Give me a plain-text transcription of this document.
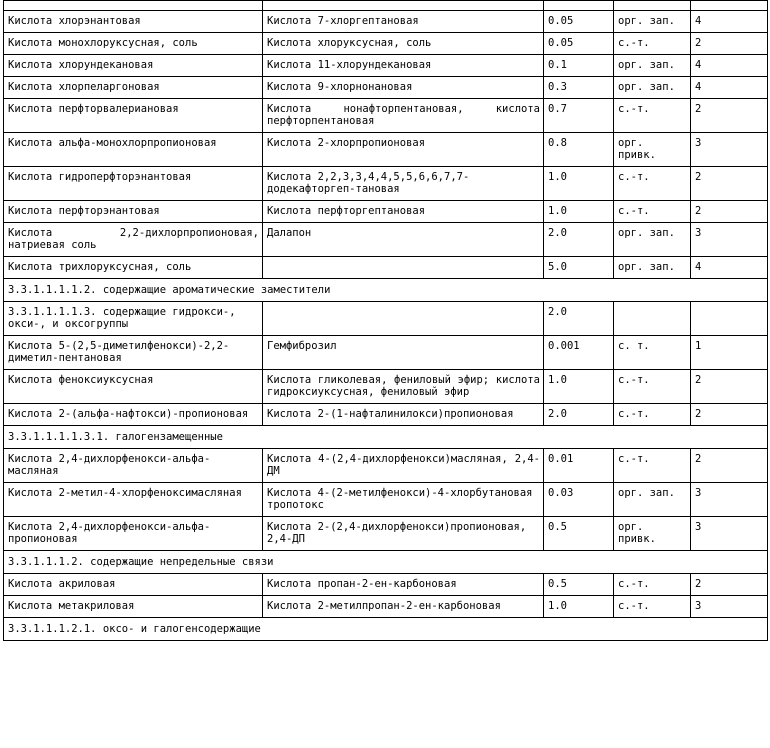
Кислота хлорэнантовая	Кислота 7-хлоргептановая	0.05	орг. зап.	4
Кислота монохлоруксусная, соль	Кислота хлоруксусная, соль	0.05	с.-т.	2
Кислота хлорундекановая	Кислота 11-хлорундекановая	0.1	орг. зап.	4
Кислота хлорпеларгоновая	Кислота 9-хлорнонановая	0.3	орг. зап.	4
Кислота перфторвалериановая	Кислота нонафторпентановая, кислота перфторпентановая	0.7	с.-т.	2
Кислота альфа-монохлорпропионовая	Кислота 2-хлорпропионовая	0.8	орг. привк.	3
Кислота гидроперфторэнантовая	Кислота 2,2,3,3,4,4,5,5,6,6,7,7-додекафторгеп-тановая	1.0	с.-т.	2
Кислота перфторэнантовая	Кислота перфторгептановая	1.0	с.-т.	2
Кислота 2,2-дихлорпропионовая, натриевая соль	Далапон	2.0	орг. зап.	3
Кислота трихлоруксусная, соль		5.0	орг. зап.	4
3.3.1.1.1.1.2. содержащие ароматические заместители				
3.3.1.1.1.1.3. содержащие гидрокси-, окси-, и оксогруппы		2.0		
Кислота 5-(2,5-диметилфенокси)-2,2-диметил-пентановая	Гемфиброзил	0.001	с. т.	1
Кислота феноксиуксусная	Кислота гликолевая, фениловый эфир; кислота гидроксиуксусная, фениловый эфир	1.0	с.-т.	2
Кислота 2-(альфа-нафтокси)-пропионовая	Кислота 2-(1-нафталинилокси)пропионовая	2.0	с.-т.	2
3.3.1.1.1.1.3.1. галогензамещенные				
Кислота 2,4-дихлорфенокси-альфа-масляная	Кислота 4-(2,4-дихлорфенокси)масляная, 2,4-ДМ	0.01	с.-т.	2
Кислота 2-метил-4-хлорфеноксимасляная	Кислота 4-(2-метилфенокси)-4-хлорбутановая тропотокс	0.03	орг. зап.	3
Кислота 2,4-дихлорфенокси-альфа-пропионовая	Кислота 2-(2,4-дихлорфенокси)пропионовая, 2,4-ДП	0.5	орг. привк.	3
3.3.1.1.1.2. содержащие непредельные связи				
Кислота акриловая	Кислота пропан-2-ен-карбоновая	0.5	с.-т.	2
Кислота метакриловая	Кислота 2-метилпропан-2-ен-карбоновая	1.0	с.-т.	3
3.3.1.1.1.2.1. оксо- и галогенсодержащие				
